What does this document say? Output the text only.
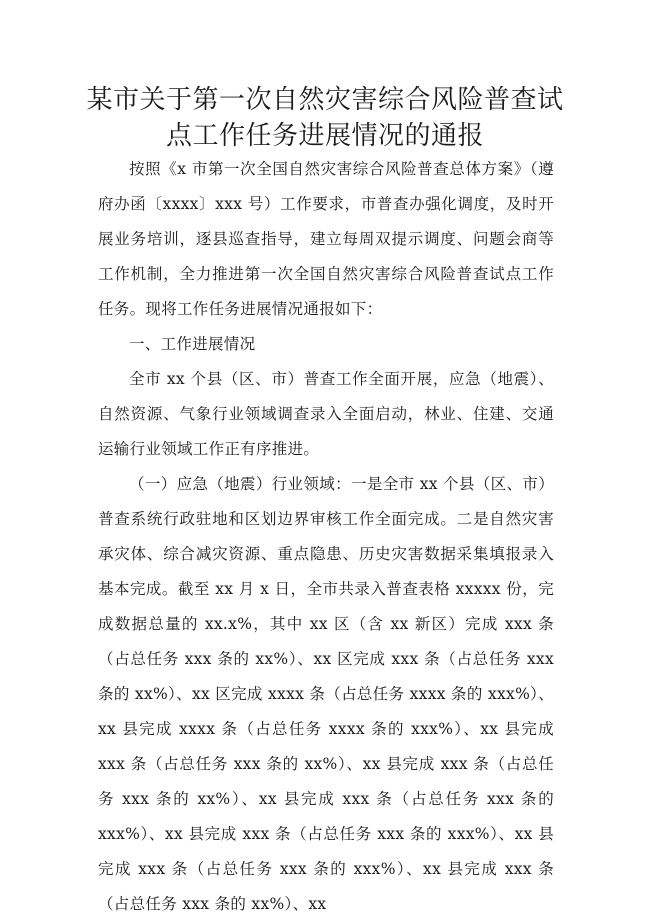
某市关于第一次自然灾害综合风险普查试
点工作任务进展情况的通报

按照《x 市第一次全国自然灾害综合风险普查总体方案》（遵府办函〔xxxx〕xxx 号）工作要求，市普查办强化调度，及时开展业务培训，逐县巡查指导，建立每周双提示调度、问题会商等工作机制，全力推进第一次全国自然灾害综合风险普查试点工作任务。现将工作任务进展情况通报如下：

一、工作进展情况

全市 xx 个县（区、市）普查工作全面开展，应急（地震）、自然资源、气象行业领域调查录入全面启动，林业、住建、交通运输行业领域工作正有序推进。

（一）应急（地震）行业领域：一是全市 xx 个县（区、市）普查系统行政驻地和区划边界审核工作全面完成。二是自然灾害承灾体、综合减灾资源、重点隐患、历史灾害数据采集填报录入基本完成。截至 xx 月 x 日，全市共录入普查表格 xxxxx 份，完成数据总量的 xx.x%，其中 xx 区（含 xx 新区）完成 xxx 条（占总任务 xxx 条的 xx%）、xx 区完成 xxx 条（占总任务 xxx 条的 xx%）、xx 区完成 xxxx 条（占总任务 xxxx 条的 xxx%）、xx 县完成 xxxx 条（占总任务 xxxx 条的 xxx%）、xx 县完成 xxx 条（占总任务 xxx 条的 xx%）、xx 县完成 xxx 条（占总任务 xxx 条的 xx%）、xx 县完成 xxx 条（占总任务 xxx 条的 xxx%）、xx 县完成 xxx 条（占总任务 xxx 条的 xxx%）、xx 县完成 xxx 条（占总任务 xxx 条的 xxx%）、xx 县完成 xxx 条（占总任务 xxx 条的 xx%）、xx
